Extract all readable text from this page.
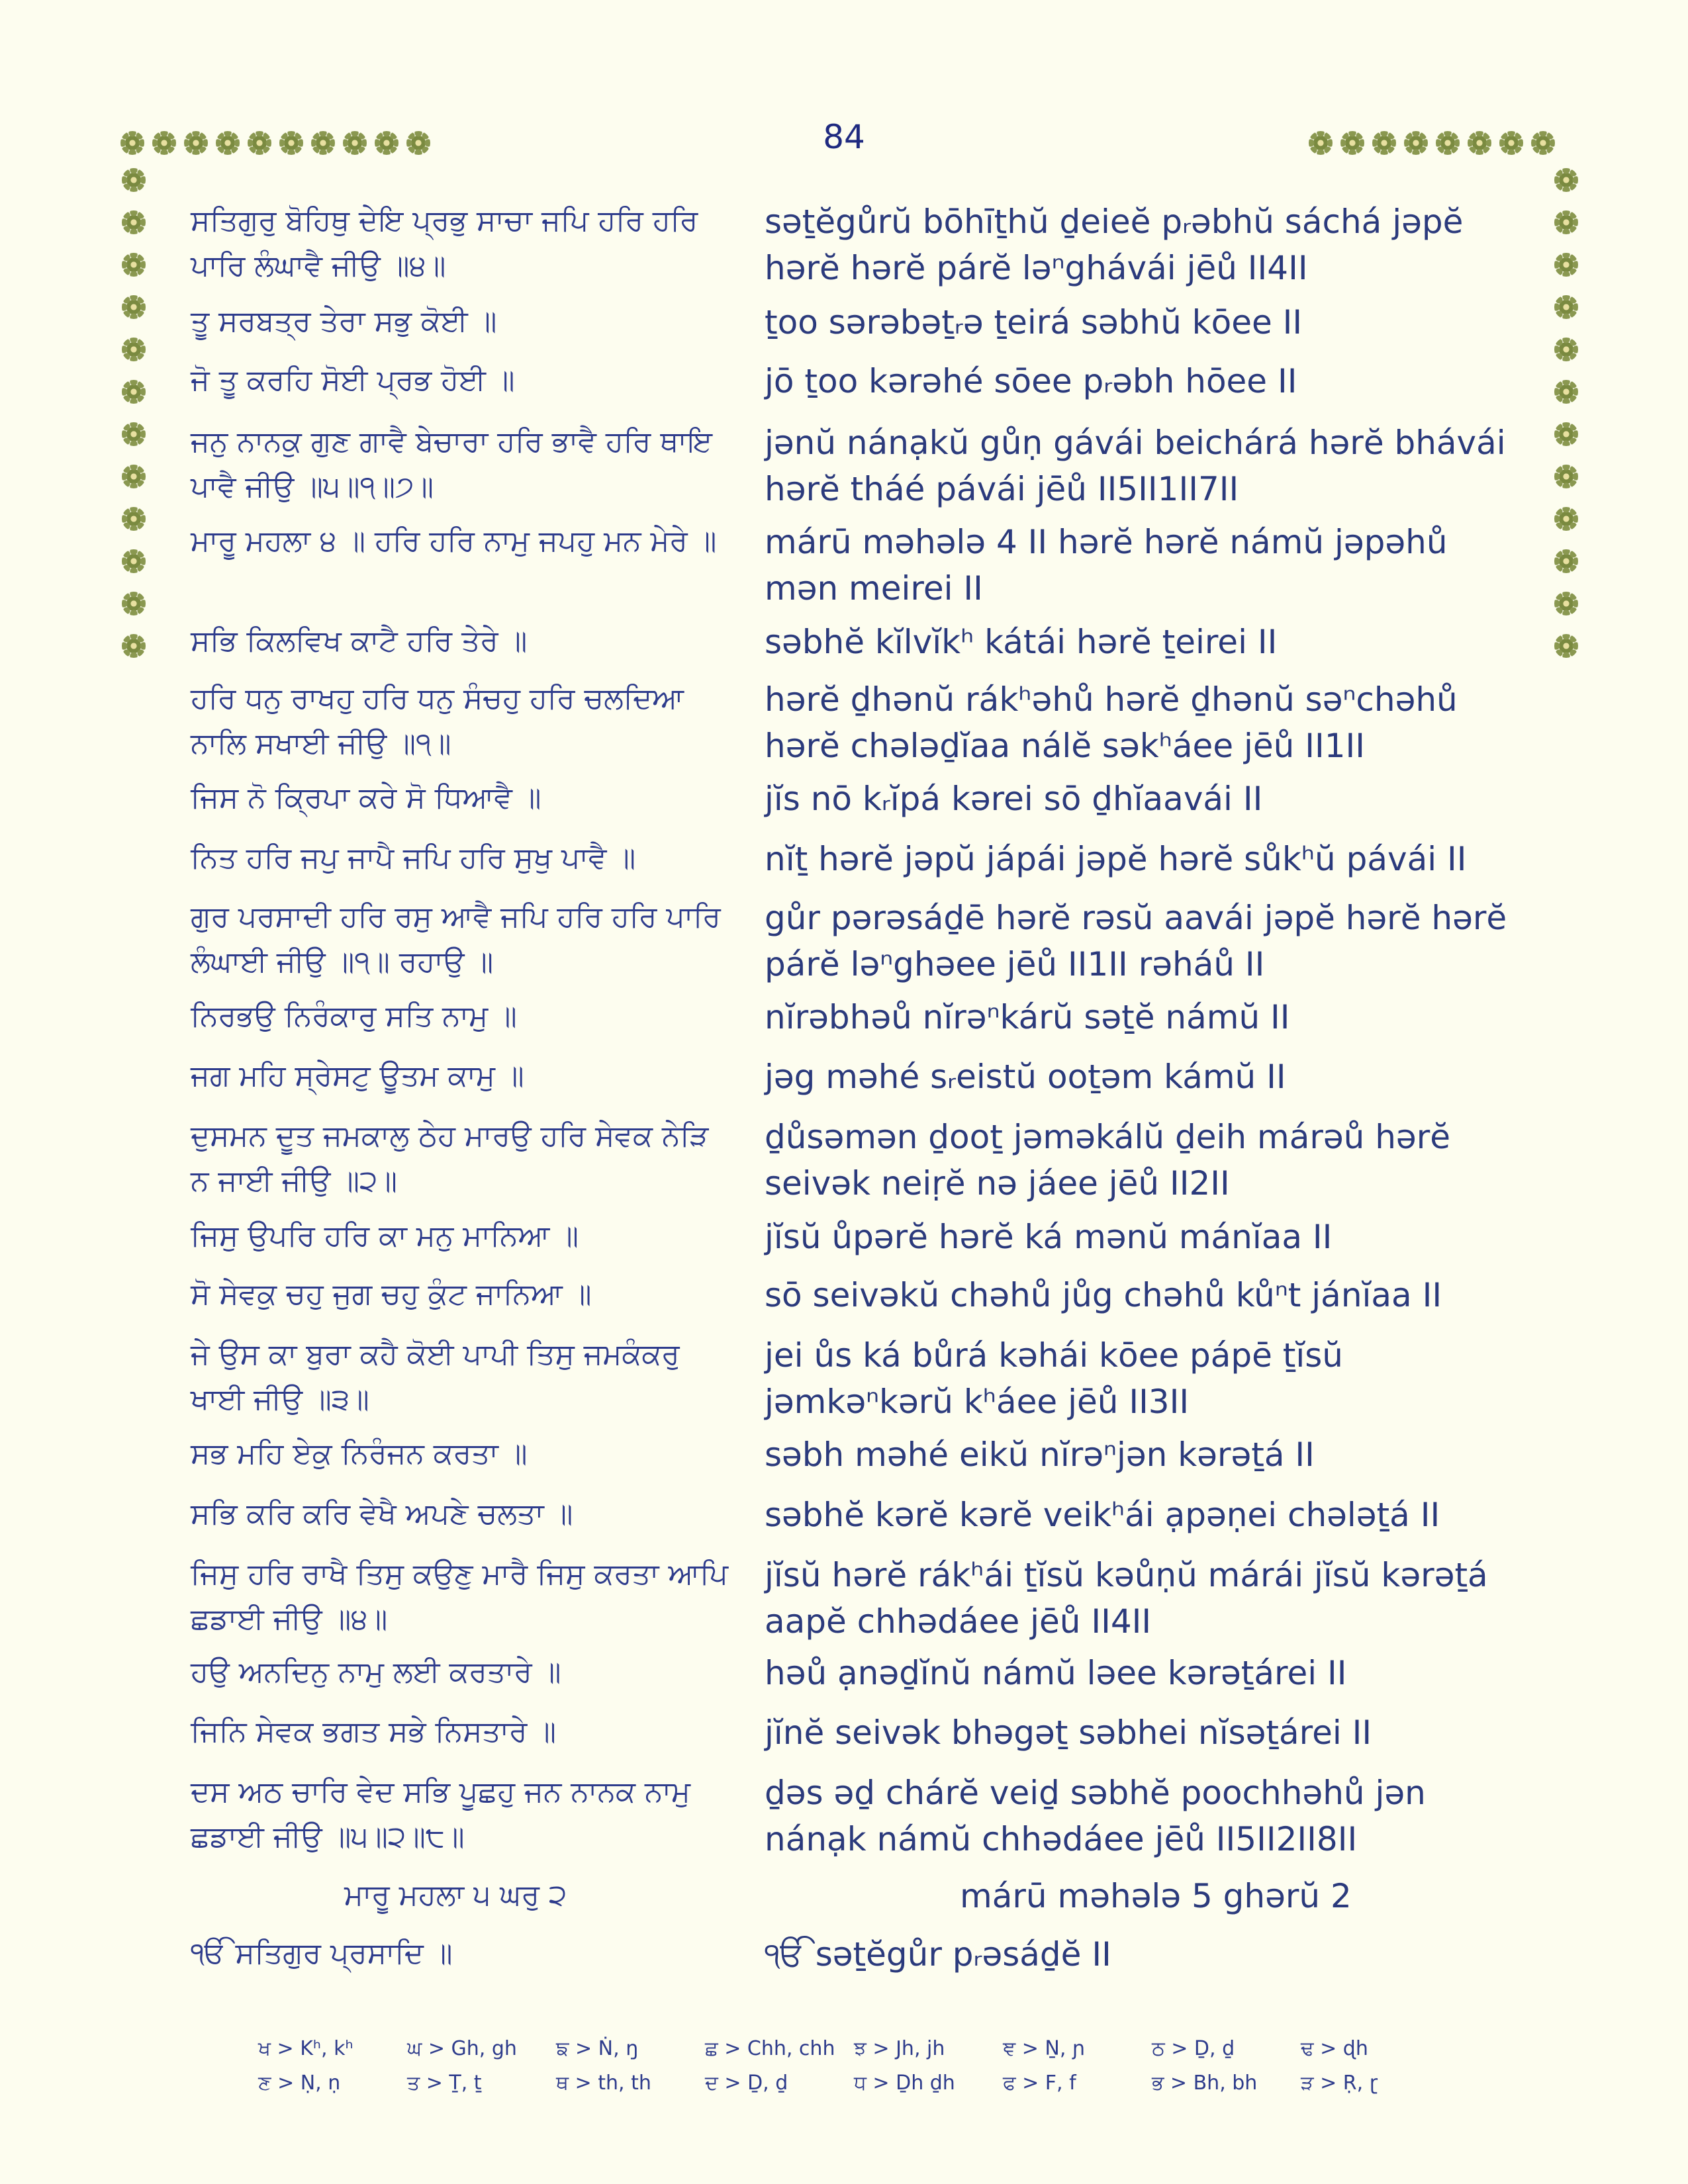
84
ਸਤਿਗੁਰੁ ਬੋਹਿਥੁ ਦੇਇ ਪ੍ਰਭੁ ਸਾਚਾ ਜਪਿ ਹਰਿ ਹਰਿ ਪਾਰਿ ਲੰਘਾਵੈ ਜੀਉ ॥੪॥
səṯĕgůrŭ bōhīṯhŭ ḏeieĕ pᵣəbhŭ sáchá jəpĕ hərĕ hərĕ párĕ ləⁿghávái jēů II4II
ਤੂ ਸਰਬਤ੍ਰ ਤੇਰਾ ਸਭੁ ਕੋਈ ॥	ṯoo sərəbəṯᵣə ṯeirá səbhŭ kōee II
ਜੋ ਤੂ ਕਰਹਿ ਸੋਈ ਪ੍ਰਭ ਹੋਈ ॥	jō ṯoo kərəhé sōee pᵣəbh hōee II
ਜਨੁ ਨਾਨਕੁ ਗੁਣ ਗਾਵੈ ਬੇਚਾਰਾ ਹਰਿ ਭਾਵੈ ਹਰਿ ਥਾਇ ਪਾਵੈ ਜੀਉ ॥੫॥੧॥੭॥
jənŭ nánạkŭ gůṇ gávái beichárá hərĕ bhávái hərĕ tháé pávái jēů II5II1II7II
ਮਾਰੂ ਮਹਲਾ ੪ ॥ ਹਰਿ ਹਰਿ ਨਾਮੁ ਜਪਹੁ ਮਨ ਮੇਰੇ ॥	márū məhələ 4 II hərĕ hərĕ námŭ jəpəhů mən meirei II
ਸਭਿ ਕਿਲਵਿਖ ਕਾਟੈ ਹਰਿ ਤੇਰੇ ॥	səbhĕ kĭlvĭkʰ kátái hərĕ ṯeirei II
ਹਰਿ ਧਨੁ ਰਾਖਹੁ ਹਰਿ ਧਨੁ ਸੰਚਹੁ ਹਰਿ ਚਲਦਿਆ ਨਾਲਿ ਸਖਾਈ ਜੀਉ ॥੧॥
hərĕ ḏhənŭ rákʰəhů hərĕ ḏhənŭ səⁿchəhů hərĕ chələḏĭaa nálĕ səkʰáee jēů II1II
ਜਿਸ ਨੋ ਕ੍ਰਿਪਾ ਕਰੇ ਸੋ ਧਿਆਵੈ ॥	jĭs nō kᵣĭpá kərei sō ḏhĭaavái II
ਨਿਤ ਹਰਿ ਜਪੁ ਜਾਪੈ ਜਪਿ ਹਰਿ ਸੁਖੁ ਪਾਵੈ ॥	nĭṯ hərĕ jəpŭ jápái jəpĕ hərĕ sůkʰŭ pávái II
ਗੁਰ ਪਰਸਾਦੀ ਹਰਿ ਰਸੁ ਆਵੈ ਜਪਿ ਹਰਿ ਹਰਿ ਪਾਰਿ ਲੰਘਾਈ ਜੀਉ ॥੧॥ ਰਹਾਉ ॥
gůr pərəsáḏē hərĕ rəsŭ aavái jəpĕ hərĕ hərĕ párĕ ləⁿghəee jēů II1II rəháů II
ਨਿਰਭਉ ਨਿਰੰਕਾਰੁ ਸਤਿ ਨਾਮੁ ॥	nĭrəbhəů nĭrəⁿkárŭ səṯĕ námŭ II
ਜਗ ਮਹਿ ਸ੍ਰੇਸਟੁ ਊਤਮ ਕਾਮੁ ॥	jəg məhé sᵣeistŭ ooṯəm kámŭ II
ਦੁਸਮਨ ਦੂਤ ਜਮਕਾਲੁ ਠੇਹ ਮਾਰਉ ਹਰਿ ਸੇਵਕ ਨੇੜਿ ਨ ਜਾਈ ਜੀਉ ॥੨॥
ḏůsəmən ḏooṯ jəməkálŭ ḏeih márəů hərĕ seivək neiṛĕ nə jáee jēů II2II
ਜਿਸੁ ਉਪਰਿ ਹਰਿ ਕਾ ਮਨੁ ਮਾਨਿਆ ॥	jĭsŭ ůpərĕ hərĕ ká mənŭ mánĭaa II
ਸੋ ਸੇਵਕੁ ਚਹੁ ਜੁਗ ਚਹੁ ਕੁੰਟ ਜਾਨਿਆ ॥	sō seivəkŭ chəhů jůg chəhů kůⁿt jánĭaa II
ਜੇ ਉਸ ਕਾ ਬੁਰਾ ਕਹੈ ਕੋਈ ਪਾਪੀ ਤਿਸੁ ਜਮਕੰਕਰੁ ਖਾਈ ਜੀਉ ॥੩॥
jei ůs ká bůrá kəhái kōee pápē ṯĭsŭ jəmkəⁿkərŭ kʰáee jēů II3II
ਸਭ ਮਹਿ ਏਕੁ ਨਿਰੰਜਨ ਕਰਤਾ ॥	səbh məhé eikŭ nĭrəⁿjən kərəṯá II
ਸਭਿ ਕਰਿ ਕਰਿ ਵੇਖੈ ਅਪਣੇ ਚਲਤਾ ॥	səbhĕ kərĕ kərĕ veikʰái ạpəṇei chələṯá II
ਜਿਸੁ ਹਰਿ ਰਾਖੈ ਤਿਸੁ ਕਉਣੁ ਮਾਰੈ ਜਿਸੁ ਕਰਤਾ ਆਪਿ ਛਡਾਈ ਜੀਉ ॥੪॥
jĭsŭ hərĕ rákʰái ṯĭsŭ kəůṇŭ márái jĭsŭ kərəṯá aapĕ chhədáee jēů II4II
ਹਉ ਅਨਦਿਨੁ ਨਾਮੁ ਲਈ ਕਰਤਾਰੇ ॥	həů ạnəḏĭnŭ námŭ ləee kərəṯárei II
ਜਿਨਿ ਸੇਵਕ ਭਗਤ ਸਭੇ ਨਿਸਤਾਰੇ ॥	jĭnĕ seivək bhəgəṯ səbhei nĭsəṯárei II
ਦਸ ਅਠ ਚਾਰਿ ਵੇਦ ਸਭਿ ਪੂਛਹੁ ਜਨ ਨਾਨਕ ਨਾਮੁ ਛਡਾਈ ਜੀਉ ॥੫॥੨॥੮॥
ḏəs əḏ chárĕ veiḏ səbhĕ poochhəhů jən nánạk námŭ chhədáee jēů II5II2II8II
ਮਾਰੂ ਮਹਲਾ ੫ ਘਰੁ ੨	márū məhələ 5 ghərŭ 2
ੴ ਸਤਿਗੁਰ ਪ੍ਰਸਾਦਿ ॥	ੴ səṯĕgůr pᵣəsáḏĕ II
ਖ > Kʰ, kʰ	ਘ > Gh, gh	ਙ > Ṅ, ŋ	ਛ > Chh, chh ਝ > Jh, jh	ਞ > Ṉ, ɲ	ਠ > Ḏ, ḏ	ਢ > ɖh
ਣ > Ṇ, ṇ	ਤ > Ṯ, ṯ	ਥ > th, th	ਦ > Ḏ, ḏ	ਧ > Ḏh ḏh	ਫ > F, f	ਭ > Bh, bh	ੜ > Ṛ, ɽ
